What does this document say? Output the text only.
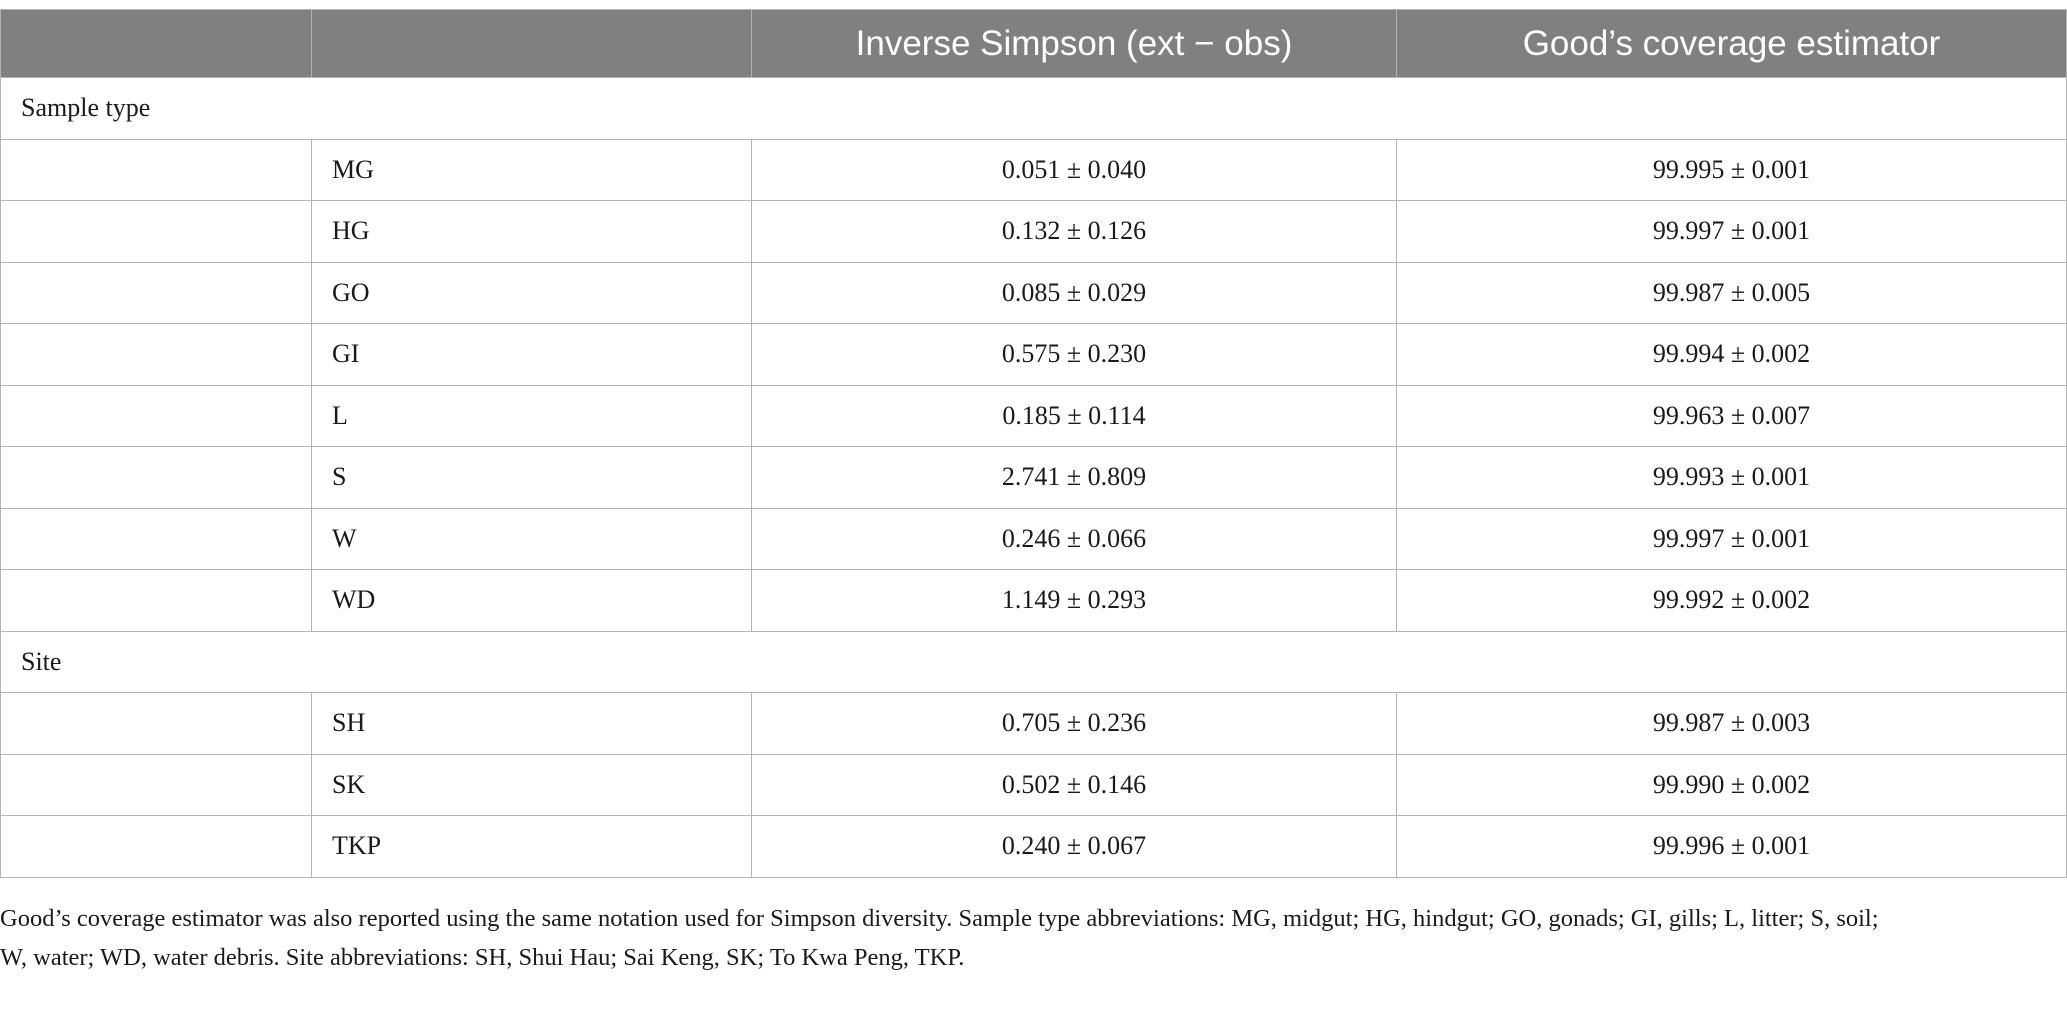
		Inverse Simpson (ext − obs)	Good’s coverage estimator
Sample type			
	MG	0.051 ± 0.040	99.995 ± 0.001
	HG	0.132 ± 0.126	99.997 ± 0.001
	GO	0.085 ± 0.029	99.987 ± 0.005
	GI	0.575 ± 0.230	99.994 ± 0.002
	L	0.185 ± 0.114	99.963 ± 0.007
	S	2.741 ± 0.809	99.993 ± 0.001
	W	0.246 ± 0.066	99.997 ± 0.001
	WD	1.149 ± 0.293	99.992 ± 0.002
Site			
	SH	0.705 ± 0.236	99.987 ± 0.003
	SK	0.502 ± 0.146	99.990 ± 0.002
	TKP	0.240 ± 0.067	99.996 ± 0.001
Good’s coverage estimator was also reported using the same notation used for Simpson diversity. Sample type abbreviations: MG, midgut; HG, hindgut; GO, gonads; GI, gills; L, litter; S, soil;
W, water; WD, water debris. Site abbreviations: SH, Shui Hau; Sai Keng, SK; To Kwa Peng, TKP.
